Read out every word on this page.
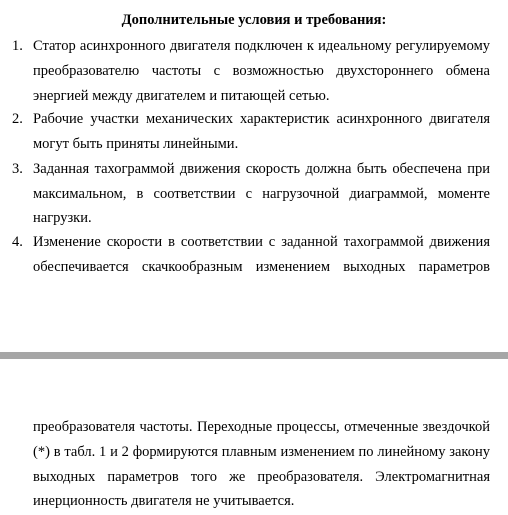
Дополнительные условия и требования:
1. Статор асинхронного двигателя подключен к идеальному регулируемому
преобразователю частоты с возможностью двухстороннего обмена
энергией между двигателем и питающей сетью.
2. Рабочие участки механических характеристик асинхронного двигателя
могут быть приняты линейными.
3. Заданная тахограммой движения скорость должна быть обеспечена при
максимальном, в соответствии с нагрузочной диаграммой, моменте
нагрузки.
4. Изменение скорости в соответствии с заданной тахограммой движения
обеспечивается скачкообразным изменением выходных параметров
преобразователя частоты. Переходные процессы, отмеченные звездочкой
(*) в табл. 1 и 2 формируются плавным изменением по линейному закону
выходных параметров того же преобразователя. Электромагнитная
инерционность двигателя не учитывается.
